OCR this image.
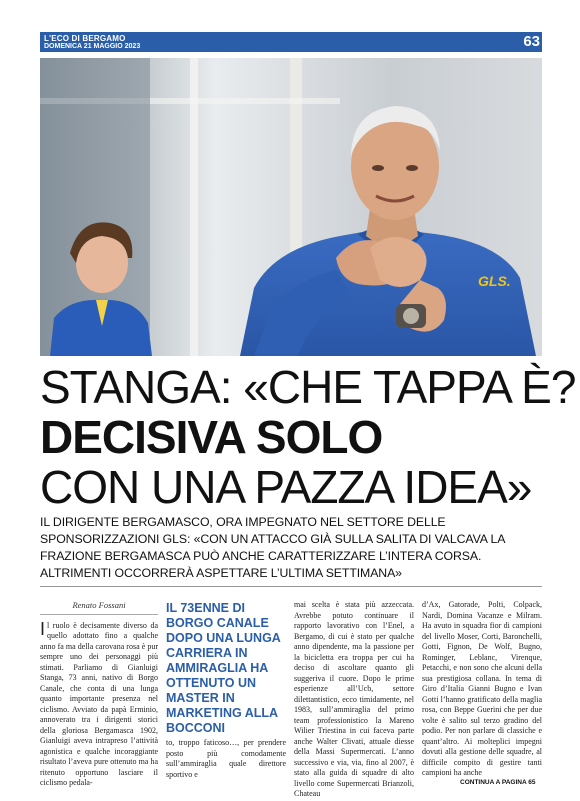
L'ECO DI BERGAMO
DOMENICA 21 MAGGIO 2023	63
GLS.
STANGA: «CHE TAPPA È?
DECISIVA SOLO
CON UNA PAZZA IDEA»
IL DIRIGENTE BERGAMASCO, ORA IMPEGNATO NEL SETTORE DELLE SPONSORIZZAZIONI GLS: «CON UN ATTACCO GIÀ SULLA SALITA DI VALCAVA LA FRAZIONE BERGAMASCA PUÒ ANCHE CARATTERIZZARE L’INTERA CORSA. ALTRIMENTI OCCORRERÀ ASPETTARE L’ULTIMA SETTIMANA»
Renato Fossani

Il ruolo è decisamente diverso da quello adottato fino a qualche anno fa ma della carovana rosa è pur sempre uno dei personaggi più stimati. Parliamo di Gianluigi Stanga, 73 anni, nativo di Borgo Canale, che conta di una lunga quanto importante presenza nel ciclismo. Avviato da papà Erminio, annoverato tra i dirigenti storici della gloriosa Bergamasca 1902, Gianluigi aveva intrapreso l’attività agonistica e qualche incoraggiante risultato l’aveva pure ottenuto ma ha ritenuto opportuno lasciare il ciclismo pedala-

IL 73ENNE DI BORGO CANALE DOPO UNA LUNGA CARRIERA IN AMMIRAGLIA HA OTTENUTO UN MASTER IN MARKETING ALLA BOCCONI

to, troppo faticoso…, per prendere posto più comodamente sull’ammiraglia quale direttore sportivo e

mai scelta è stata più azzeccata. Avrebbe potuto continuare il rapporto lavorativo con l’Enel, a Bergamo, di cui è stato per qualche anno dipendente, ma la passione per la bicicletta era troppa per cui ha deciso di ascoltare quanto gli suggeriva il cuore. Dopo le prime esperienze all’Ucb, settore dilettantistico, ecco timidamente, nel 1983, sull’ammiraglia del primo team professionistico la Mareno Wilier Triestina in cui faceva parte anche Walter Clivati, attuale diesse della Massi Supermercati. L’anno successivo e via, via, fino al 2007, è stato alla guida di squadre di alto livello come Supermercati Brianzoli, Chateau

d’Ax, Gatorade, Polti, Colpack, Nardi, Domina Vacanze e Milram. Ha avuto in squadra fior di campioni del livello Moser, Corti, Baronchelli, Gotti, Fignon, De Wolf, Bugno, Rominger, Leblanc, Virenque, Petacchi, e non sono che alcuni della sua prestigiosa collana. In tema di Giro d’Italia Gianni Bugno e Ivan Gotti l’hanno gratificato della maglia rosa, con Beppe Guerini che per due volte è salito sul terzo gradino del podio. Per non parlare di classiche e quant’altro. Ai molteplici impegni dovuti alla gestione delle squadre, al difficile compito di gestire tanti campioni ha anche

CONTINUA A PAGINA 65
